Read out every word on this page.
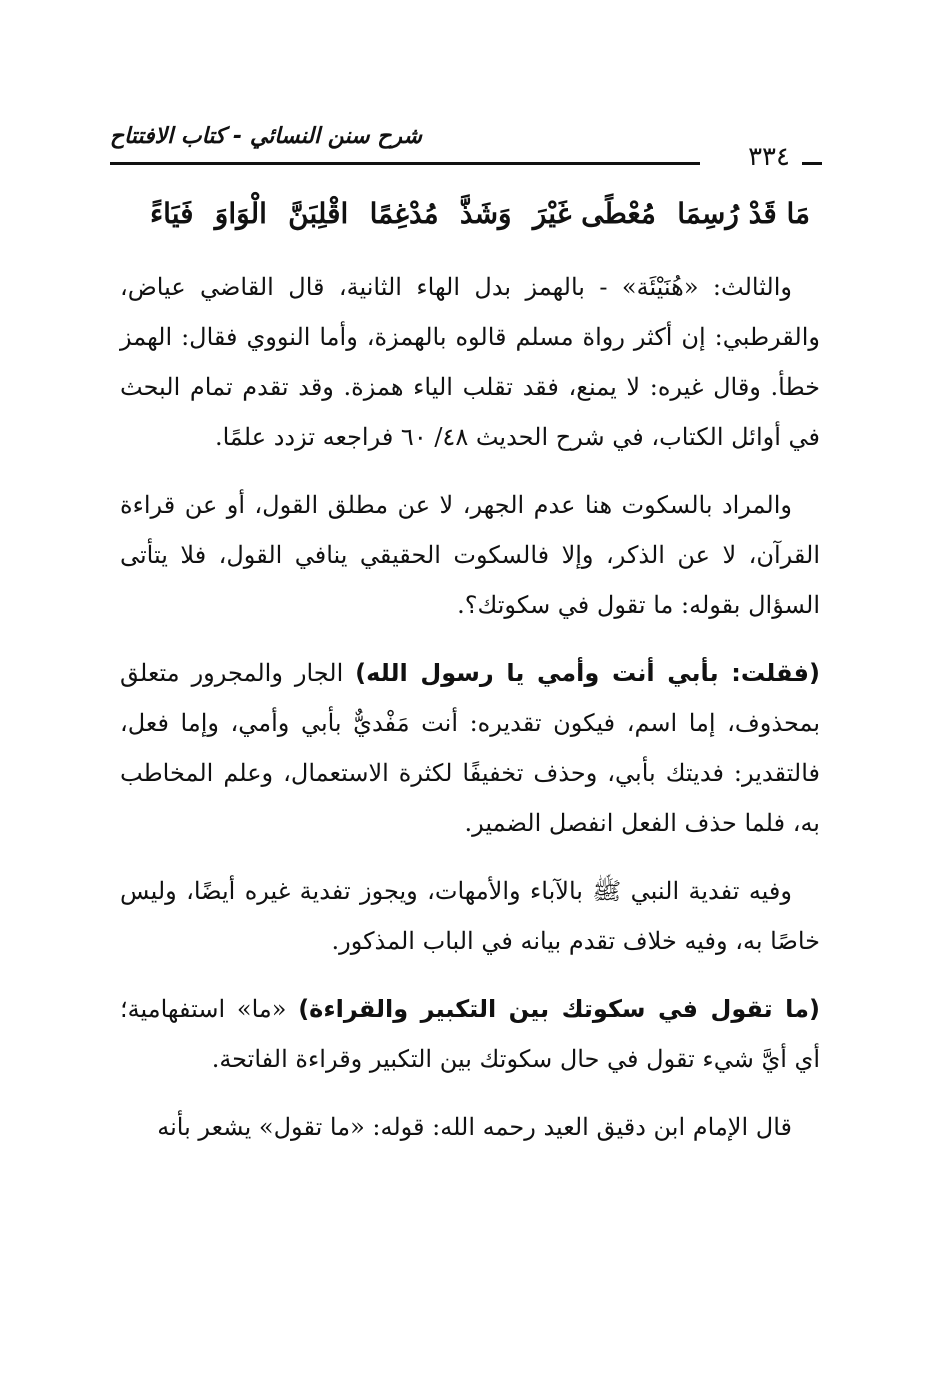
شرح سنن النسائي - كتاب الافتتاح
٣٣٤
فَيَاءً الْوَاوَ اقْلِبَنَّ مُدْغِمًا وَشَذَّ مُعْطًى غَيْرَ مَا قَدْ رُسِمَا

والثالث: «هُنَيْئَة» - بالهمز بدل الهاء الثانية، قال القاضي عياض، والقرطبي: إن أكثر رواة مسلم قالوه بالهمزة، وأما النووي فقال: الهمز خطأ. وقال غيره: لا يمنع، فقد تقلب الياء همزة. وقد تقدم تمام البحث في أوائل الكتاب، في شرح الحديث ٤٨/ ٦٠ فراجعه تزدد علمًا.

والمراد بالسكوت هنا عدم الجهر، لا عن مطلق القول، أو عن قراءة القرآن، لا عن الذكر، وإلا فالسكوت الحقيقي ينافي القول، فلا يتأتى السؤال بقوله: ما تقول في سكوتك؟.

(فقلت: بأبي أنت وأمي يا رسول الله) الجار والمجرور متعلق بمحذوف، إما اسم، فيكون تقديره: أنت مَفْديٌّ بأبي وأمي، وإما فعل، فالتقدير: فديتك بأبي، وحذف تخفيفًا لكثرة الاستعمال، وعلم المخاطب به، فلما حذف الفعل انفصل الضمير.

وفيه تفدية النبي ﷺ بالآباء والأمهات، ويجوز تفدية غيره أيضًا، وليس خاصًا به، وفيه خلاف تقدم بيانه في الباب المذكور.

(ما تقول في سكوتك بين التكبير والقراءة) «ما» استفهامية؛ أي أيَّ شيء تقول في حال سكوتك بين التكبير وقراءة الفاتحة.

قال الإمام ابن دقيق العيد رحمه الله: قوله: «ما تقول» يشعر بأنه
